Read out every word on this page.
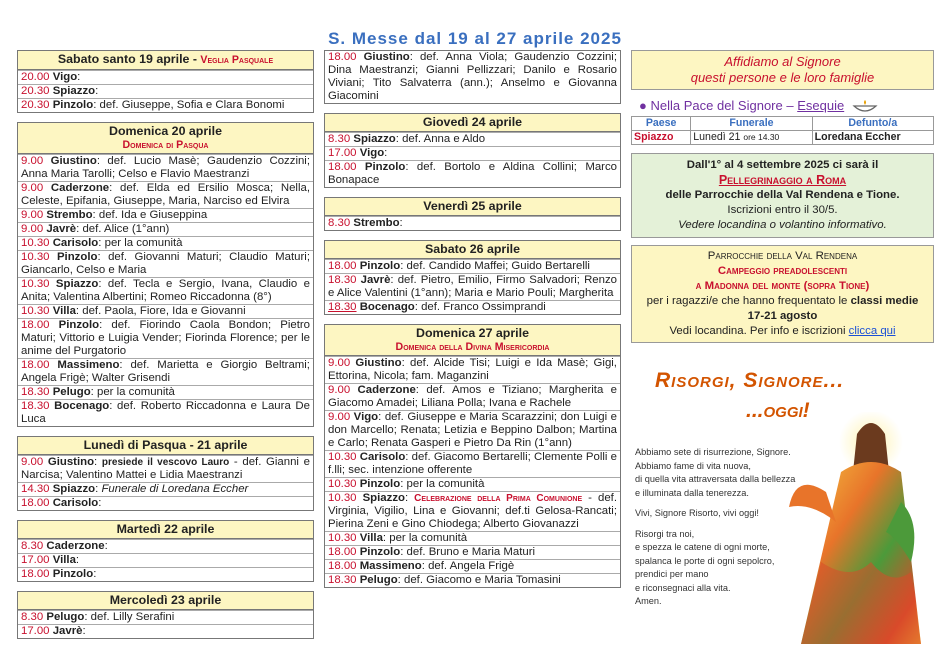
S. Messe dal 19 al 27 aprile 2025
Sabato santo 19 aprile - Veglia Pasquale
20.00 Vigo:
20.30 Spiazzo:
20.30 Pinzolo: def. Giuseppe, Sofia e Clara Bonomi
Domenica 20 aprile
Domenica di Pasqua
9.00 Giustino: def. Lucio Masè; Gaudenzio Cozzini; Anna Maria Tarolli; Celso e Flavio Maestranzi
9.00 Caderzone: def. Elda ed Ersilio Mosca; Nella, Celeste, Epifania, Giuseppe, Maria, Narciso ed Elvira
9.00 Strembo: def. Ida e Giuseppina
9.00 Javrè: def. Alice (1°ann)
10.30 Carisolo: per la comunità
10.30 Pinzolo: def. Giovanni Maturi; Claudio Maturi; Giancarlo, Celso e Maria
10.30 Spiazzo: def. Tecla e Sergio, Ivana, Claudio e Anita; Valentina Albertini; Romeo Riccadonna (8°)
10.30 Villa: def. Paola, Fiore, Ida e Giovanni
18.00 Pinzolo: def. Fiorindo Caola Bondon; Pietro Maturi; Vittorio e Luigia Vender; Fiorinda Florence; per le anime del Purgatorio
18.00 Massimeno: def. Marietta e Giorgio Beltrami; Angela Frigè; Walter Grisendi
18.30 Pelugo: per la comunità
18.30 Bocenago: def. Roberto Riccadonna e Laura De Luca
Lunedì di Pasqua - 21 aprile
9.00 Giustino: presiede il vescovo Lauro - def. Gianni e Narcisa; Valentino Mattei e Lidia Maestranzi
14.30 Spiazzo: Funerale di Loredana Eccher
18.00 Carisolo:
Martedì 22 aprile
8.30 Caderzone:
17.00 Villa:
18.00 Pinzolo:
Mercoledì 23 aprile
8.30 Pelugo: def. Lilly Serafini
17.00 Javrè:
18.00 Giustino: def. Anna Viola; Gaudenzio Cozzini; Dina Maestranzi; Gianni Pellizzari; Danilo e Rosario Viviani; Tito Salvaterra (ann.); Anselmo e Giovanna Giacomini
Giovedì 24 aprile
8.30 Spiazzo: def. Anna e Aldo
17.00 Vigo:
18.00 Pinzolo: def. Bortolo e Aldina Collini; Marco Bonapace
Venerdì 25 aprile
8.30 Strembo:
Sabato 26 aprile
18.00 Pinzolo: def. Candido Maffei; Guido Bertarelli
18.30 Javrè: def. Pietro, Emilio, Firmo Salvadori; Renzo e Alice Valentini (1°ann); Maria e Mario Pouli; Margherita
18.30 Bocenago: def. Franco Ossimprandi
Domenica 27 aprile
Domenica della Divina Misericordia
9.00 Giustino: def. Alcide Tisi; Luigi e Ida Masè; Gigi, Ettorina, Nicola; fam. Maganzini
9.00 Caderzone: def. Amos e Tiziano; Margherita e Giacomo Amadei; Liliana Polla; Ivana e Rachele
9.00 Vigo: def. Giuseppe e Maria Scarazzini; don Luigi e don Marcello; Renata; Letizia e Beppino Dalbon; Martina e Carlo; Renata Gasperi e Pietro Da Rin (1°ann)
10.30 Carisolo: def. Giacomo Bertarelli; Clemente Polli e f.lli; sec. intenzione offerente
10.30 Pinzolo: per la comunità
10.30 Spiazzo: Celebrazione della Prima Comunione - def. Virginia, Vigilio, Lina e Giovanni; def.ti Gelosa-Rancati; Pierina Zeni e Gino Chiodega; Alberto Giovanazzi
10.30 Villa: per la comunità
18.00 Pinzolo: def. Bruno e Maria Maturi
18.00 Massimeno: def. Angela Frigè
18.30 Pelugo: def. Giacomo e Maria Tomasini
Affidiamo al Signore
questi persone e le loro famiglie
● Nella Pace del Signore – Esequie
Paese	Funerale	Defunto/a
Spiazzo	Lunedì 21 ore 14.30	Loredana Eccher
Dall'1° al 4 settembre 2025 ci sarà il
Pellegrinaggio a Roma
delle Parrocchie della Val Rendena e Tione.
Iscrizioni entro il 30/5.
Vedere locandina o volantino informativo.
Parrocchie della Val Rendena
Campeggio preadolescenti
a Madonna del monte (sopra Tione)
per i ragazzi/e che hanno frequentato le classi medie
17-21 agosto
Vedi locandina. Per info e iscrizioni clicca qui
Risorgi, Signore...
...oggi!
Abbiamo sete di risurrezione, Signore.
Abbiamo fame di vita nuova,
di quella vita attraversata dalla bellezza
e illuminata dalla tenerezza.
Vivi, Signore Risorto, vivi oggi!
Risorgi tra noi,
e spezza le catene di ogni morte,
spalanca le porte di ogni sepolcro,
prendici per mano
e riconsegnaci alla vita.
Amen.
